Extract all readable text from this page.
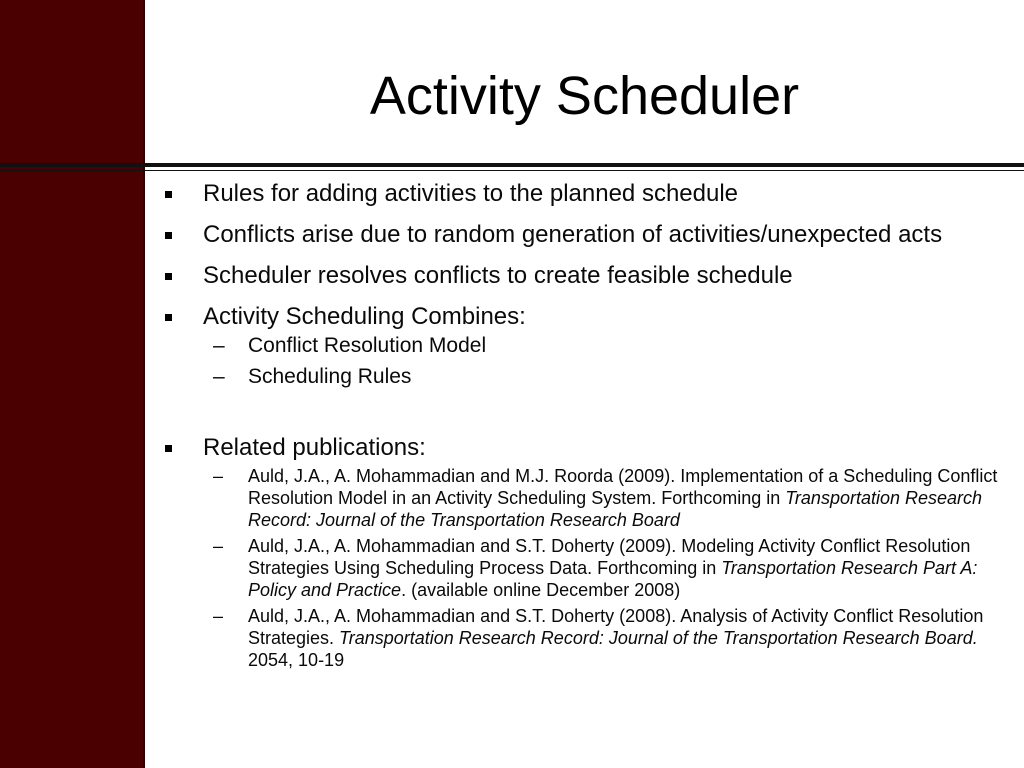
Activity Scheduler
Rules for adding activities to the planned schedule
Conflicts arise due to random generation of activities/unexpected acts
Scheduler resolves conflicts to create feasible schedule
Activity Scheduling Combines:
– Conflict Resolution Model
– Scheduling Rules
Related publications:
– Auld, J.A., A. Mohammadian and M.J. Roorda (2009). Implementation of a Scheduling Conflict Resolution Model in an Activity Scheduling System. Forthcoming in Transportation Research Record: Journal of the Transportation Research Board
– Auld, J.A., A. Mohammadian and S.T. Doherty (2009). Modeling Activity Conflict Resolution Strategies Using Scheduling Process Data. Forthcoming in Transportation Research Part A: Policy and Practice. (available online December 2008)
– Auld, J.A., A. Mohammadian and S.T. Doherty (2008). Analysis of Activity Conflict Resolution Strategies. Transportation Research Record: Journal of the Transportation Research Board. 2054, 10-19
